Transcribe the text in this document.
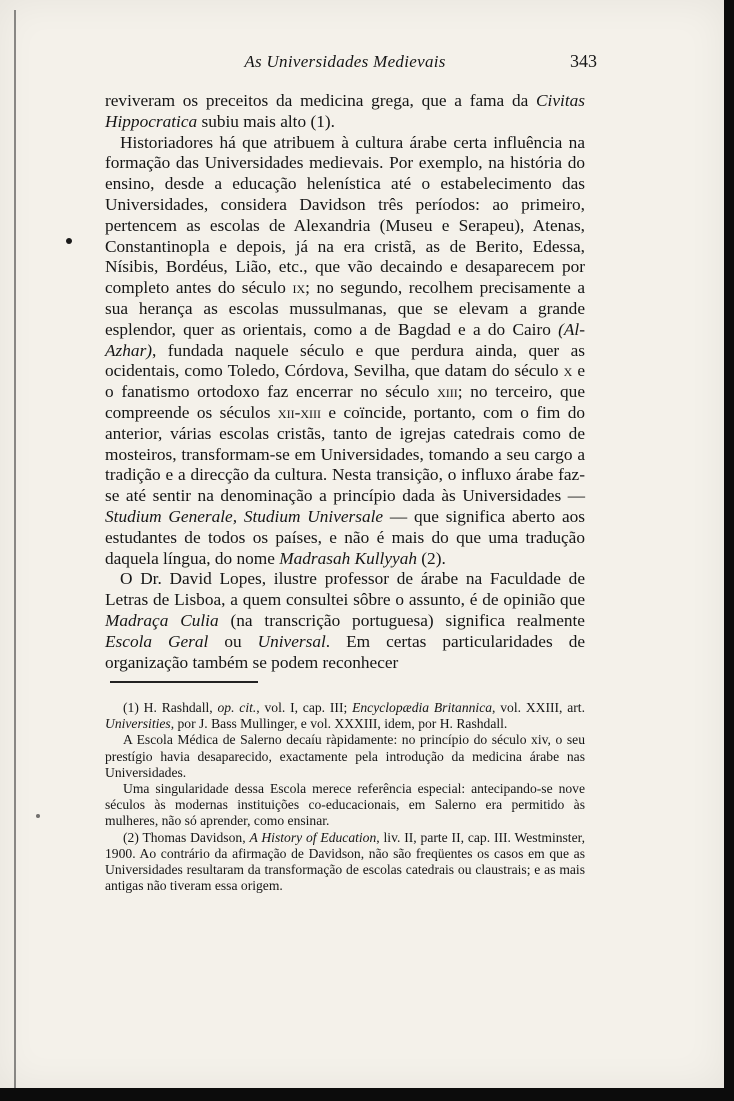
As Universidades Medievais	343

reviveram os preceitos da medicina grega, que a fama da Civitas Hippocratica subiu mais alto (1).

Historiadores há que atribuem à cultura árabe certa influência na formação das Universidades medievais. Por exemplo, na história do ensino, desde a educação helenística até o estabelecimento das Universidades, considera Davidson três períodos: ao primeiro, pertencem as escolas de Alexandria (Museu e Serapeu), Atenas, Constantinopla e depois, já na era cristã, as de Berito, Edessa, Nísibis, Bordéus, Lião, etc., que vão decaindo e desaparecem por completo antes do século ix; no segundo, recolhem precisamente a sua herança as escolas mussulmanas, que se elevam a grande esplendor, quer as orientais, como a de Bagdad e a do Cairo (Al-Azhar), fundada naquele século e que perdura ainda, quer as ocidentais, como Toledo, Córdova, Sevilha, que datam do século x e o fanatismo ortodoxo faz encerrar no século xiii; no terceiro, que compreende os séculos xii-xiii e coïncide, portanto, com o fim do anterior, várias escolas cristãs, tanto de igrejas catedrais como de mosteiros, transformam-se em Universidades, tomando a seu cargo a tradição e a direcção da cultura. Nesta transição, o influxo árabe faz-se até sentir na denominação a princípio dada às Universidades — Studium Generale, Studium Universale — que significa aberto aos estudantes de todos os países, e não é mais do que uma tradução daquela língua, do nome Madrasah Kullyyah (2).

O Dr. David Lopes, ilustre professor de árabe na Faculdade de Letras de Lisboa, a quem consultei sôbre o assunto, é de opinião que Madraça Culia (na transcrição portuguesa) significa realmente Escola Geral ou Universal. Em certas particularidades de organização também se podem reconhecer

(1) H. Rashdall, op. cit., vol. I, cap. III; Encyclopædia Britannica, vol. XXIII, art. Universities, por J. Bass Mullinger, e vol. XXXIII, idem, por H. Rashdall.

A Escola Médica de Salerno decaíu ràpidamente: no princípio do século xiv, o seu prestígio havia desaparecido, exactamente pela introdução da medicina árabe nas Universidades.

Uma singularidade dessa Escola merece referência especial: antecipando-se nove séculos às modernas instituições co-educacionais, em Salerno era permitido às mulheres, não só aprender, como ensinar.

(2) Thomas Davidson, A History of Education, liv. II, parte II, cap. III. Westminster, 1900. Ao contrário da afirmação de Davidson, não são freqüentes os casos em que as Universidades resultaram da transformação de escolas catedrais ou claustrais; e as mais antigas não tiveram essa origem.
